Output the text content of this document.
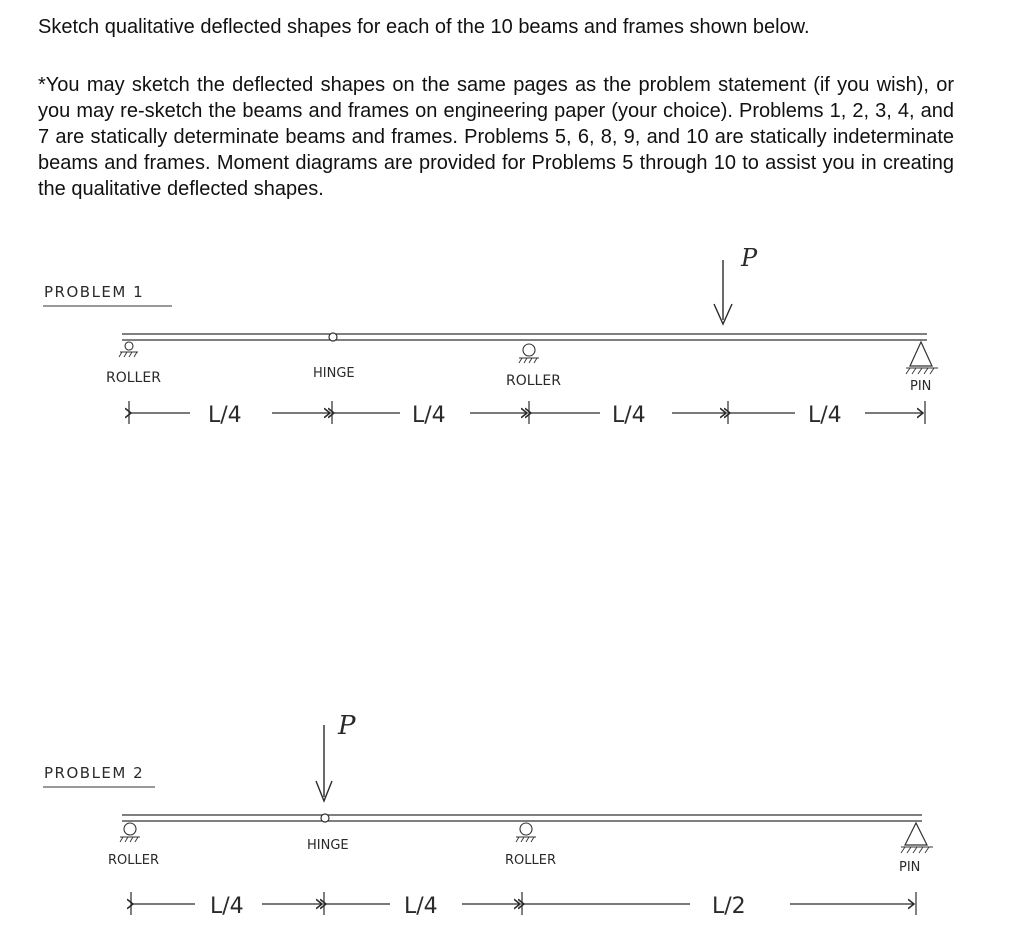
Sketch qualitative deflected shapes for each of the 10 beams and frames shown below.
*You may sketch the deflected shapes on the same pages as the problem statement (if you wish), or you may re-sketch the beams and frames on engineering paper (your choice). Problems 1, 2, 3, 4, and 7 are statically determinate beams and frames. Problems 5, 6, 8, 9, and 10 are statically indeterminate beams and frames. Moment diagrams are provided for Problems 5 through 10 to assist you in creating the qualitative deflected shapes.
PROBLEM 1
P
ROLLER	HINGE	ROLLER	PIN
L/4	L/4	L/4	L/4
PROBLEM 2
P
ROLLER
HINGE
ROLLER	PIN
L/4	L/4	L/2
